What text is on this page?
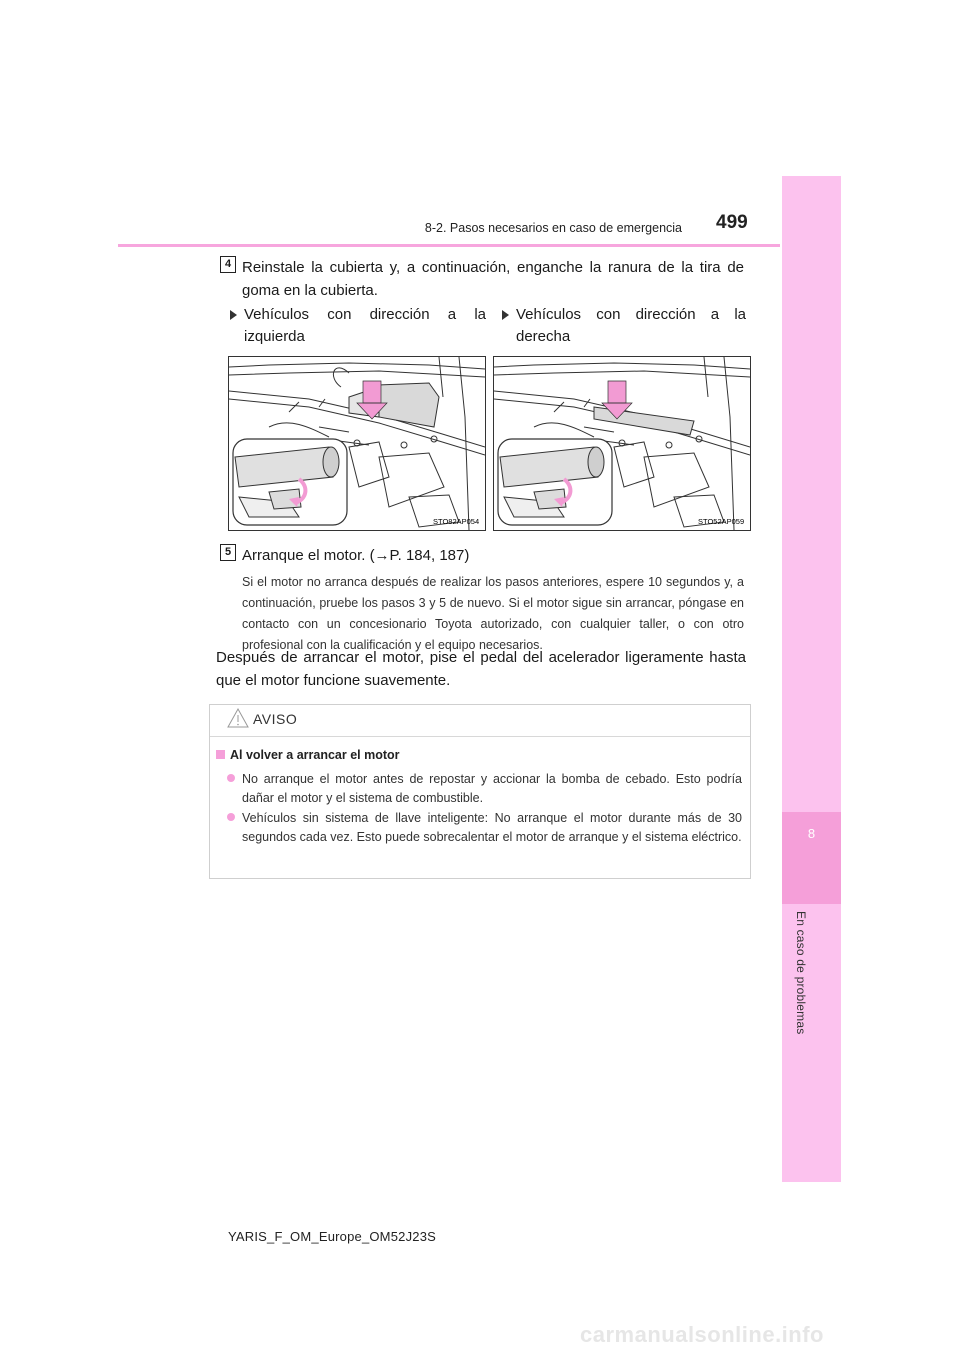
8
En caso de problemas
8-2. Pasos necesarios en caso de emergencia 499
4 Reinstale la cubierta y, a continuación, enganche la ranura de la tira de goma en la cubierta.
Vehículos con dirección a la izquierda
Vehículos con dirección a la derecha
STO82AP054	STO52AP059
5 Arranque el motor. (→P. 184, 187)
Si el motor no arranca después de realizar los pasos anteriores, espere 10 segundos y, a continuación, pruebe los pasos 3 y 5 de nuevo. Si el motor sigue sin arrancar, póngase en contacto con un concesionario Toyota autorizado, con cualquier taller, o con otro profesional con la cualificación y el equipo necesarios.
Después de arrancar el motor, pise el pedal del acelerador ligeramente hasta que el motor funcione suavemente.
AVISO
Al volver a arrancar el motor
No arranque el motor antes de repostar y accionar la bomba de cebado. Esto podría dañar el motor y el sistema de combustible.
Vehículos sin sistema de llave inteligente: No arranque el motor durante más de 30 segundos cada vez. Esto puede sobrecalentar el motor de arranque y el sistema eléctrico.
YARIS_F_OM_Europe_OM52J23S
carmanualsonline.info
